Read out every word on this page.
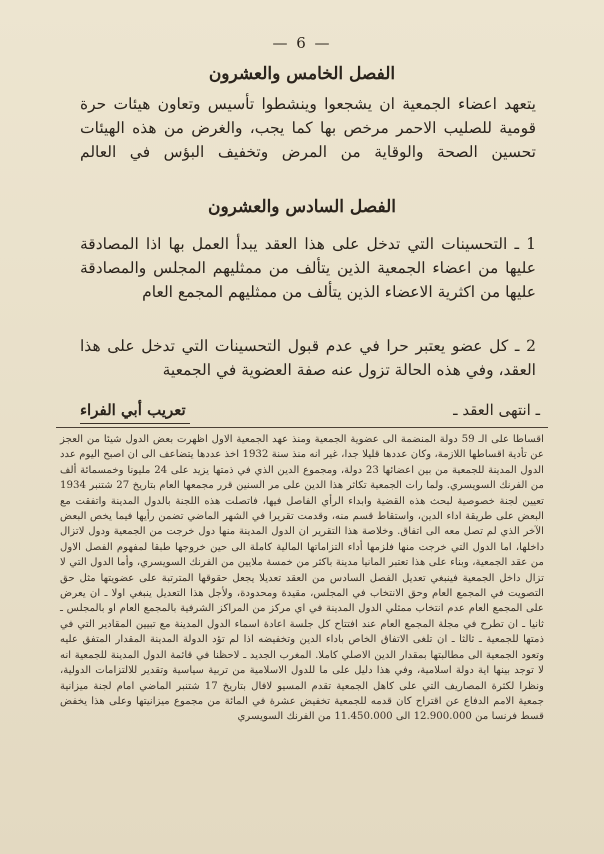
— 6 —
الفصل الخامس والعشرون

يتعهد اعضاء الجمعية ان يشجعوا وينشطوا تأسيس وتعاون هيئات حرة قومية للصليب الاحمر مرخص بها كما يجب، والغرض من هذه الهيئات تحسين الصحة والوقاية من المرض وتخفيف البؤس في العالم

الفصل السادس والعشرون

1 ـ التحسينات التي تدخل على هذا العقد يبدأ العمل بها اذا المصادقة عليها من اعضاء الجمعية الذين يتألف من ممثليهم المجلس والمصادقة عليها من اكثرية الاعضاء الذين يتألف من ممثليهم المجمع العام

2 ـ كل عضو يعتبر حرا في عدم قبول التحسينات التي تدخل على هذا العقد، وفي هذه الحالة تزول عنه صفة العضوية في الجمعية

ـ انتهى العقد ـ
تعريب أبي الفراء

اقساطا على الـ 59 دولة المنضمة الى عضوية الجمعية ومنذ عهد الجمعية الاول اظهرت بعض الدول شيئا من العجز عن تأدية اقساطها اللازمة، وكان عددها قليلا جدا، غير انه منذ سنة 1932 اخذ عددها يتضاعف الى ان اصبح اليوم عدد الدول المدينة للجمعية من بين اعضائها 23 دولة، ومجموع الدين الذي في ذمتها يزيد على 24 مليونا وخمسمائة ألف من الفرنك السويسري. ولما رات الجمعية تكاثر هذا الدين على مر السنين قرر مجمعها العام بتاريخ 27 شتنبر 1934 تعيين لجنة خصوصية لبحث هذه القضية وابداء الرأي الفاصل فيها، فاتصلت هذه اللجنة بالدول المدينة واتفقت مع البعض على طريقة اداء الدين، واستقاط قسم منه، وقدمت تقريرا في الشهر الماضي تضمن رأيها فيما يخص البعض الآخر الذي لم تصل معه الى اتفاق. وخلاصة هذا التقرير ان الدول المدينة منها دول خرجت من الجمعية ودول لاتزال داخلها، اما الدول التي خرجت منها فلزمها أداء التزاماتها المالية كاملة الى حين خروجها طبقا لمفهوم الفصل الاول من عقد الجمعية، وبناء على هذا تعتبر المانيا مدينة باكثر من خمسة ملايين من الفرنك السويسري، وأما الدول التي لا تزال داخل الجمعية فينبغي تعديل الفصل السادس من العقد تعديلا يجعل حقوقها المترتبة على عضويتها مثل حق التصويت في المجمع العام وحق الانتخاب في المجلس، مقيدة ومحدودة، ولأجل هذا التعديل ينبغي اولا ـ ان يعرض على المجمع العام عدم انتخاب ممثلي الدول المدينة في اي مركز من المراكز الشرفية بالمجمع العام او بالمجلس ـ ثانيا ـ ان تطرح في مجلة المجمع العام عند افتتاح كل جلسة اعادة اسماء الدول المدينة مع تبيين المقادير التي في ذمتها للجمعية ـ ثالثا ـ ان تلغى الاتفاق الخاص باداء الدين وتخفيضه اذا لم تؤد الدولة المدينة المقدار المتفق عليه وتعود الجمعية الى مطالبتها بمقدار الدين الاصلي كاملا. المغرب الجديد ـ لاحظنا في قائمة الدول المدينة للجمعية انه لا توجد بينها اية دولة اسلامية، وفي هذا دليل على ما للدول الاسلامية من تربية سياسية وتقدير للالتزامات الدولية، ونظرا لكثرة المصاريف التي على كاهل الجمعية تقدم المسيو لافال بتاريخ 17 شتنبر الماضي امام لجنة ميزانية جمعية الامم الدفاع عن اقتراح كان قدمه للجمعية تخفيض عشرة في المائة من مجموع ميزانيتها وعلى هذا يخفض قسط فرنسا من 12.900.000 الى 11.450.000 من الفرنك السويسري
